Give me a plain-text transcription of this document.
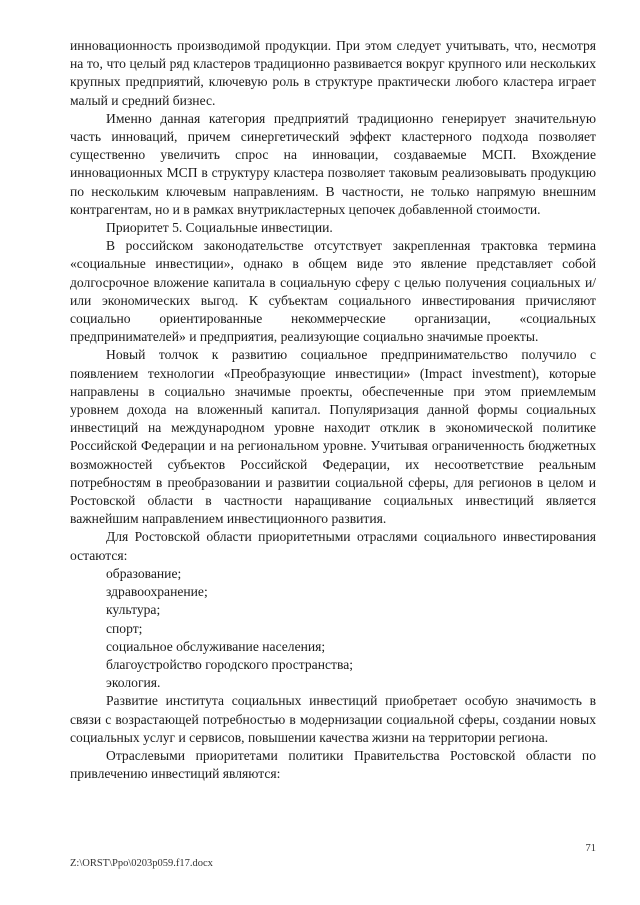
инновационность производимой продукции. При этом следует учитывать, что, несмотря на то, что целый ряд кластеров традиционно развивается вокруг крупного или нескольких крупных предприятий, ключевую роль в структуре практически любого кластера играет малый и средний бизнес.

Именно данная категория предприятий традиционно генерирует значительную часть инноваций, причем синергетический эффект кластерного подхода позволяет существенно увеличить спрос на инновации, создаваемые МСП. Вхождение инновационных МСП в структуру кластера позволяет таковым реализовывать продукцию по нескольким ключевым направлениям. В частности, не только напрямую внешним контрагентам, но и в рамках внутрикластерных цепочек добавленной стоимости.

Приоритет 5. Социальные инвестиции.

В российском законодательстве отсутствует закрепленная трактовка термина «социальные инвестиции», однако в общем виде это явление представляет собой долгосрочное вложение капитала в социальную сферу с целью получения социальных и/или экономических выгод. К субъектам социального инвестирования причисляют социально ориентированные некоммерческие организации, «социальных предпринимателей» и предприятия, реализующие социально значимые проекты.

Новый толчок к развитию социальное предпринимательство получило с появлением технологии «Преобразующие инвестиции» (Impact investment), которые направлены в социально значимые проекты, обеспеченные при этом приемлемым уровнем дохода на вложенный капитал. Популяризация данной формы социальных инвестиций на международном уровне находит отклик в экономической политике Российской Федерации и на региональном уровне. Учитывая ограниченность бюджетных возможностей субъектов Российской Федерации, их несоответствие реальным потребностям в преобразовании и развитии социальной сферы, для регионов в целом и Ростовской области в частности наращивание социальных инвестиций является важнейшим направлением инвестиционного развития.

Для Ростовской области приоритетными отраслями социального инвестирования остаются:

образование;
здравоохранение;
культура;
спорт;
социальное обслуживание населения;
благоустройство городского пространства;
экология.

Развитие института социальных инвестиций приобретает особую значимость в связи с возрастающей потребностью в модернизации социальной сферы, создании новых социальных услуг и сервисов, повышении качества жизни на территории региона.

Отраслевыми приоритетами политики Правительства Ростовской области по привлечению инвестиций являются:

71
Z:\ORST\Ppo\0203p059.f17.docx
